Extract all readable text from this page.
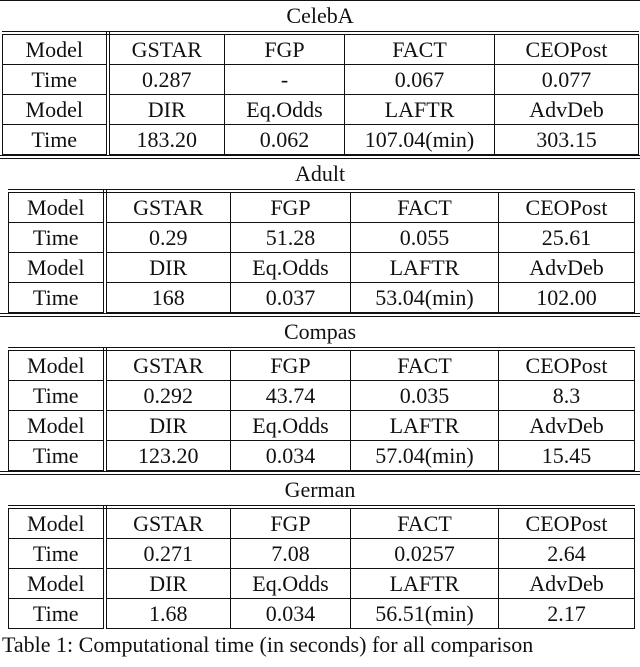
CelebA
Model	GSTAR	FGP	FACT	CEOPost
Time	0.287	-	0.067	0.077
Model	DIR	Eq.Odds	LAFTR	AdvDeb
Time	183.20	0.062	107.04(min)	303.15
Adult
Model	GSTAR	FGP	FACT	CEOPost
Time	0.29	51.28	0.055	25.61
Model	DIR	Eq.Odds	LAFTR	AdvDeb
Time	168	0.037	53.04(min)	102.00
Compas
Model	GSTAR	FGP	FACT	CEOPost
Time	0.292	43.74	0.035	8.3
Model	DIR	Eq.Odds	LAFTR	AdvDeb
Time	123.20	0.034	57.04(min)	15.45
German
Model	GSTAR	FGP	FACT	CEOPost
Time	0.271	7.08	0.0257	2.64
Model	DIR	Eq.Odds	LAFTR	AdvDeb
Time	1.68	0.034	56.51(min)	2.17
Table 1: Computational time (in seconds) for all comparison
